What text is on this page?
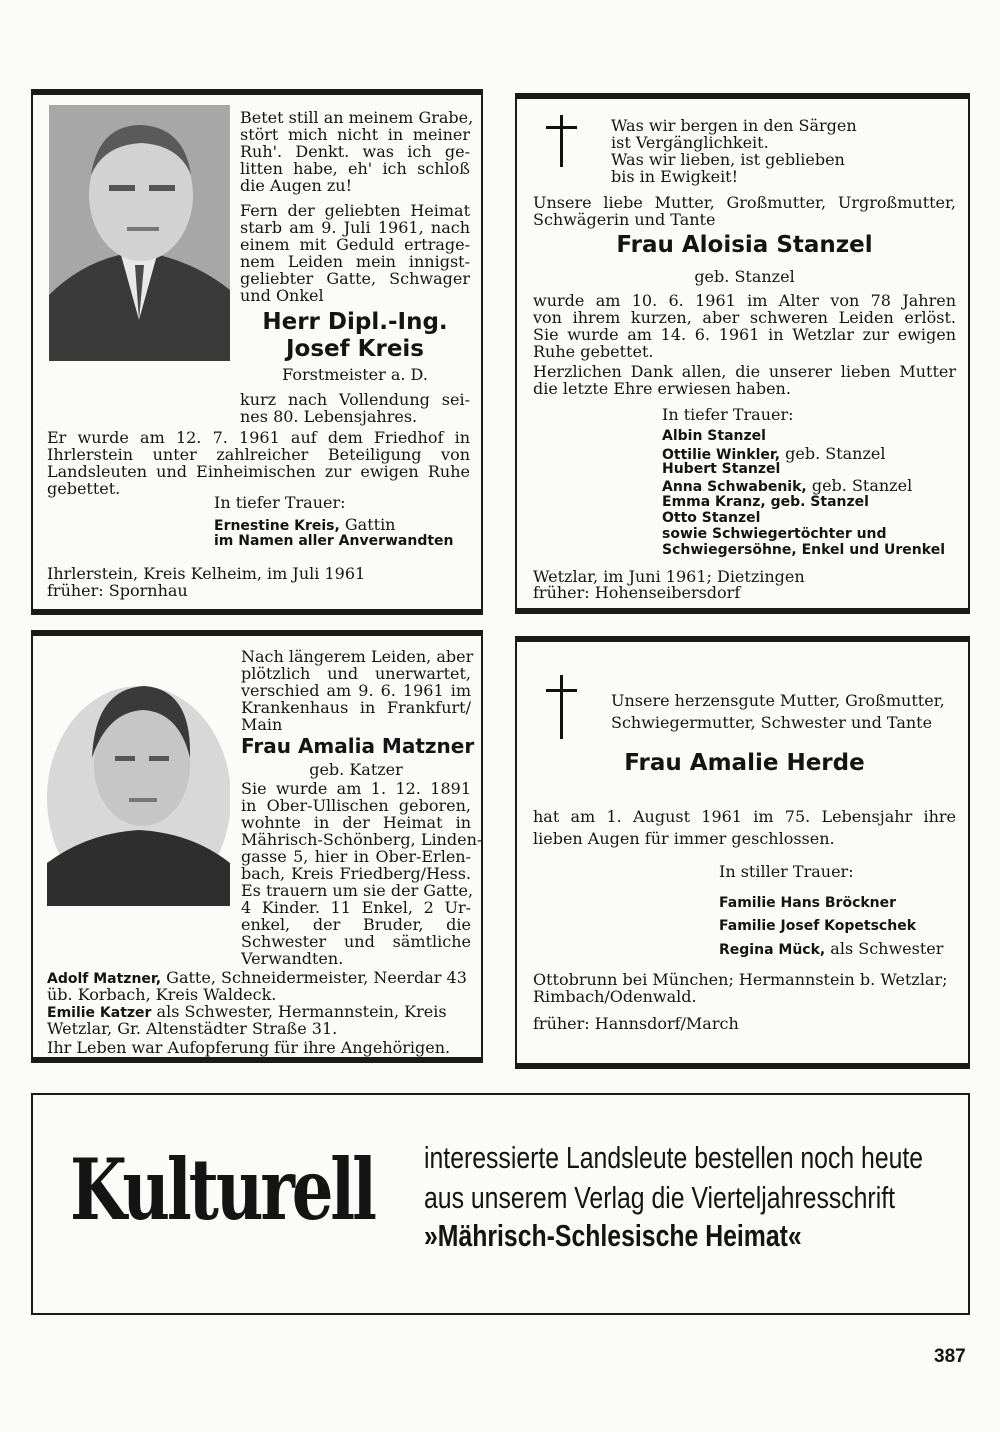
Betet still an meinem Grabe,
stört mich nicht in meiner
Ruh'. Denkt. was ich ge-
litten habe, eh' ich schloß
die Augen zu!
Fern der geliebten Heimat
starb am 9. Juli 1961, nach
einem mit Geduld ertrage-
nem Leiden mein innigst-
geliebter Gatte, Schwager
und Onkel
Herr Dipl.-Ing.
Josef Kreis
Forstmeister a. D.
kurz nach Vollendung sei-
nes 80. Lebensjahres.
Er wurde am 12. 7. 1961 auf dem Friedhof in
Ihrlerstein unter zahlreicher Beteiligung von
Landsleuten und Einheimischen zur ewigen Ruhe
gebettet.
In tiefer Trauer:
Ernestine Kreis, Gattin
im Namen aller Anverwandten
Ihrlerstein, Kreis Kelheim, im Juli 1961
früher: Spornhau
Was wir bergen in den Särgen
ist Vergänglichkeit.
Was wir lieben, ist geblieben
bis in Ewigkeit!
Unsere liebe Mutter, Großmutter, Urgroßmutter,
Schwägerin und Tante
Frau Aloisia Stanzel
geb. Stanzel
wurde am 10. 6. 1961 im Alter von 78 Jahren
von ihrem kurzen, aber schweren Leiden erlöst.
Sie wurde am 14. 6. 1961 in Wetzlar zur ewigen
Ruhe gebettet.
Herzlichen Dank allen, die unserer lieben Mutter
die letzte Ehre erwiesen haben.
In tiefer Trauer:
Albin Stanzel
Ottilie Winkler, geb. Stanzel
Hubert Stanzel
Anna Schwabenik, geb. Stanzel
Emma Kranz, geb. Stanzel
Otto Stanzel
sowie Schwiegertöchter und
Schwiegersöhne, Enkel und Urenkel
Wetzlar, im Juni 1961; Dietzingen
früher: Hohenseibersdorf
Nach längerem Leiden, aber
plötzlich und unerwartet,
verschied am 9. 6. 1961 im
Krankenhaus in Frankfurt/
Main
Frau Amalia Matzner
geb. Katzer
Sie wurde am 1. 12. 1891
in Ober-Ullischen geboren,
wohnte in der Heimat in
Mährisch-Schönberg, Linden-
gasse 5, hier in Ober-Erlen-
bach, Kreis Friedberg/Hess.
Es trauern um sie der Gatte,
4 Kinder. 11 Enkel, 2 Ur-
enkel, der Bruder, die
Schwester und sämtliche
Verwandten.
Adolf Matzner, Gatte, Schneidermeister, Neerdar 43
üb. Korbach, Kreis Waldeck.
Emilie Katzer als Schwester, Hermannstein, Kreis
Wetzlar, Gr. Altenstädter Straße 31.
Ihr Leben war Aufopferung für ihre Angehörigen.
Unsere herzensgute Mutter, Großmutter,
Schwiegermutter, Schwester und Tante
Frau Amalie Herde
hat am 1. August 1961 im 75. Lebensjahr ihre
lieben Augen für immer geschlossen.
In stiller Trauer:
Familie Hans Bröckner
Familie Josef Kopetschek
Regina Mück, als Schwester
Ottobrunn bei München; Hermannstein b. Wetzlar;
Rimbach/Odenwald.
früher: Hannsdorf/March
Kulturell interessierte Landsleute bestellen noch heute
aus unserem Verlag die Vierteljahresschrift
»Mährisch-Schlesische Heimat«
387
